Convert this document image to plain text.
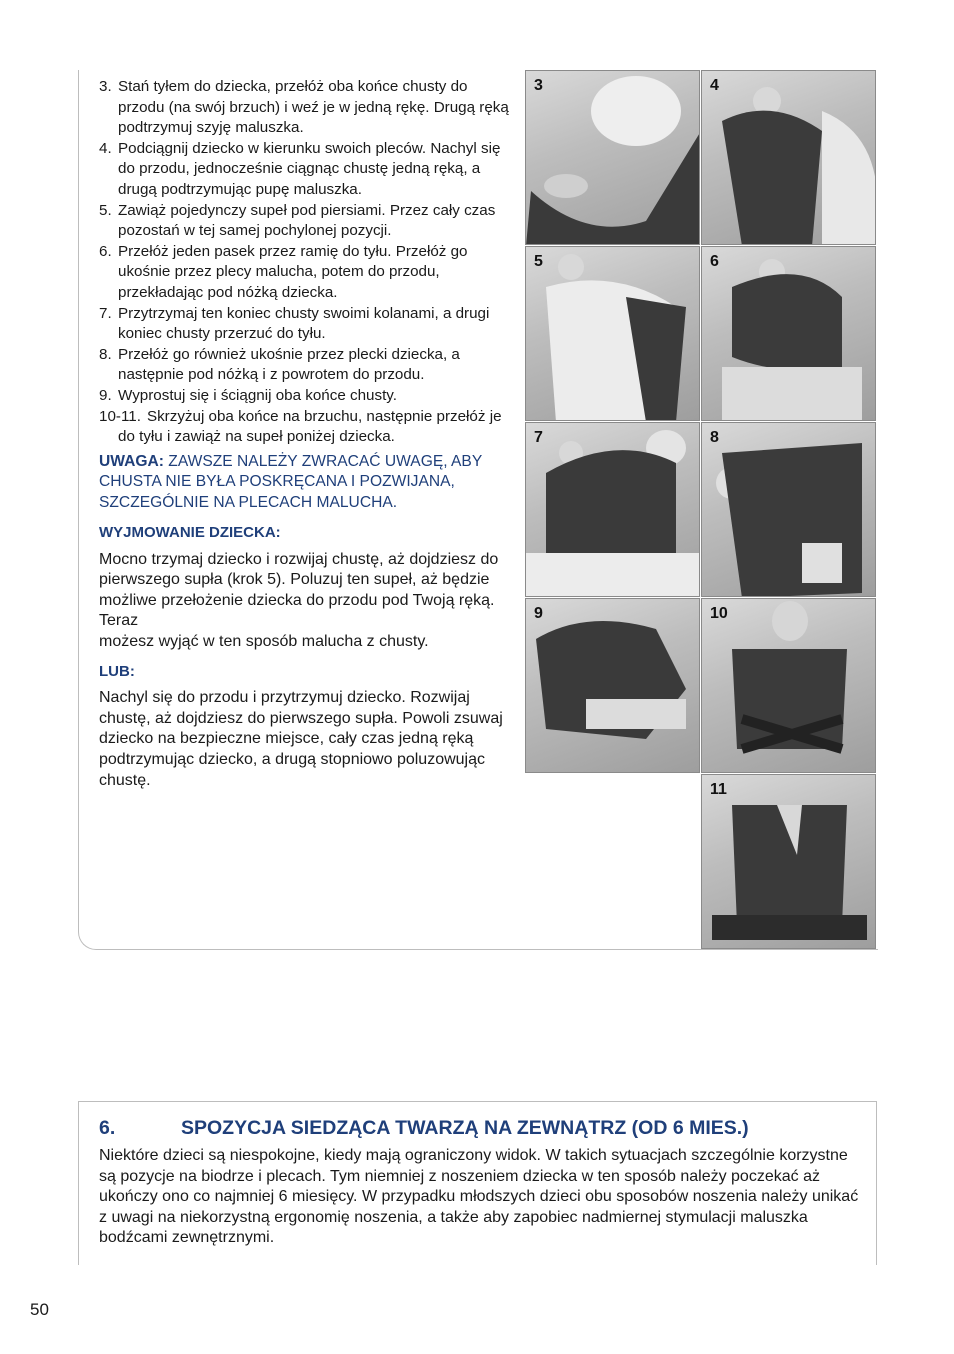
3. Stań tyłem do dziecka, przełóż oba końce chusty do przodu (na swój brzuch) i weź je w jedną rękę. Drugą ręką podtrzymuj szyję maluszka.
4. Podciągnij dziecko w kierunku swoich pleców. Nachyl się do przodu, jednocześnie ciągnąc chustę jedną ręką, a drugą podtrzymując pupę maluszka.
5. Zawiąż pojedynczy supeł pod piersiami. Przez cały czas pozostań w tej samej pochylonej pozycji.
6. Przełóż jeden pasek przez ramię do tyłu. Przełóż go ukośnie przez plecy malucha, potem do przodu, przekładając pod nóżką dziecka.
7. Przytrzymaj ten koniec chusty swoimi kolanami, a drugi koniec chusty przerzuć do tyłu.
8. Przełóż go również ukośnie przez plecki dziecka, a następnie pod nóżką i z powrotem do przodu.
9. Wyprostuj się i ściągnij oba końce chusty.
10-11. Skrzyżuj oba końce na brzuchu, następnie przełóż je do tyłu i zawiąż na supeł poniżej dziecka.
UWAGA: ZAWSZE NALEŻY ZWRACAĆ UWAGĘ, ABY CHUSTA NIE BYŁA POSKRĘCANA I POZWIJANA, SZCZEGÓLNIE NA PLECACH MALUCHA.
WYJMOWANIE DZIECKA:
Mocno trzymaj dziecko i rozwijaj chustę, aż dojdziesz do pierwszego supła (krok 5). Poluzuj ten supeł, aż będzie możliwe przełożenie dziecka do przodu pod Twoją ręką. Teraz
możesz wyjąć w ten sposób malucha z chusty.
LUB:
Nachyl się do przodu i przytrzymuj dziecko. Rozwijaj chustę, aż dojdziesz do pierwszego supła. Powoli zsuwaj dziecko na bezpieczne miejsce, cały czas jedną ręką podtrzymując dziecko, a drugą stopniowo poluzowując chustę.
3	4
5	6
7	8
9	10
11
6.	SPOZYCJA SIEDZĄCA TWARZĄ NA ZEWNĄTRZ (OD 6 MIES.)
Niektóre dzieci są niespokojne, kiedy mają ograniczony widok. W takich sytuacjach szczególnie korzystne są pozycje na biodrze i plecach. Tym niemniej z noszeniem dziecka w ten sposób należy poczekać aż ukończy ono co najmniej 6 miesięcy. W przypadku młodszych dzieci obu sposobów noszenia należy unikać z uwagi na niekorzystną ergonomię noszenia, a także aby zapobiec nadmiernej stymulacji maluszka bodźcami zewnętrznymi.
50
